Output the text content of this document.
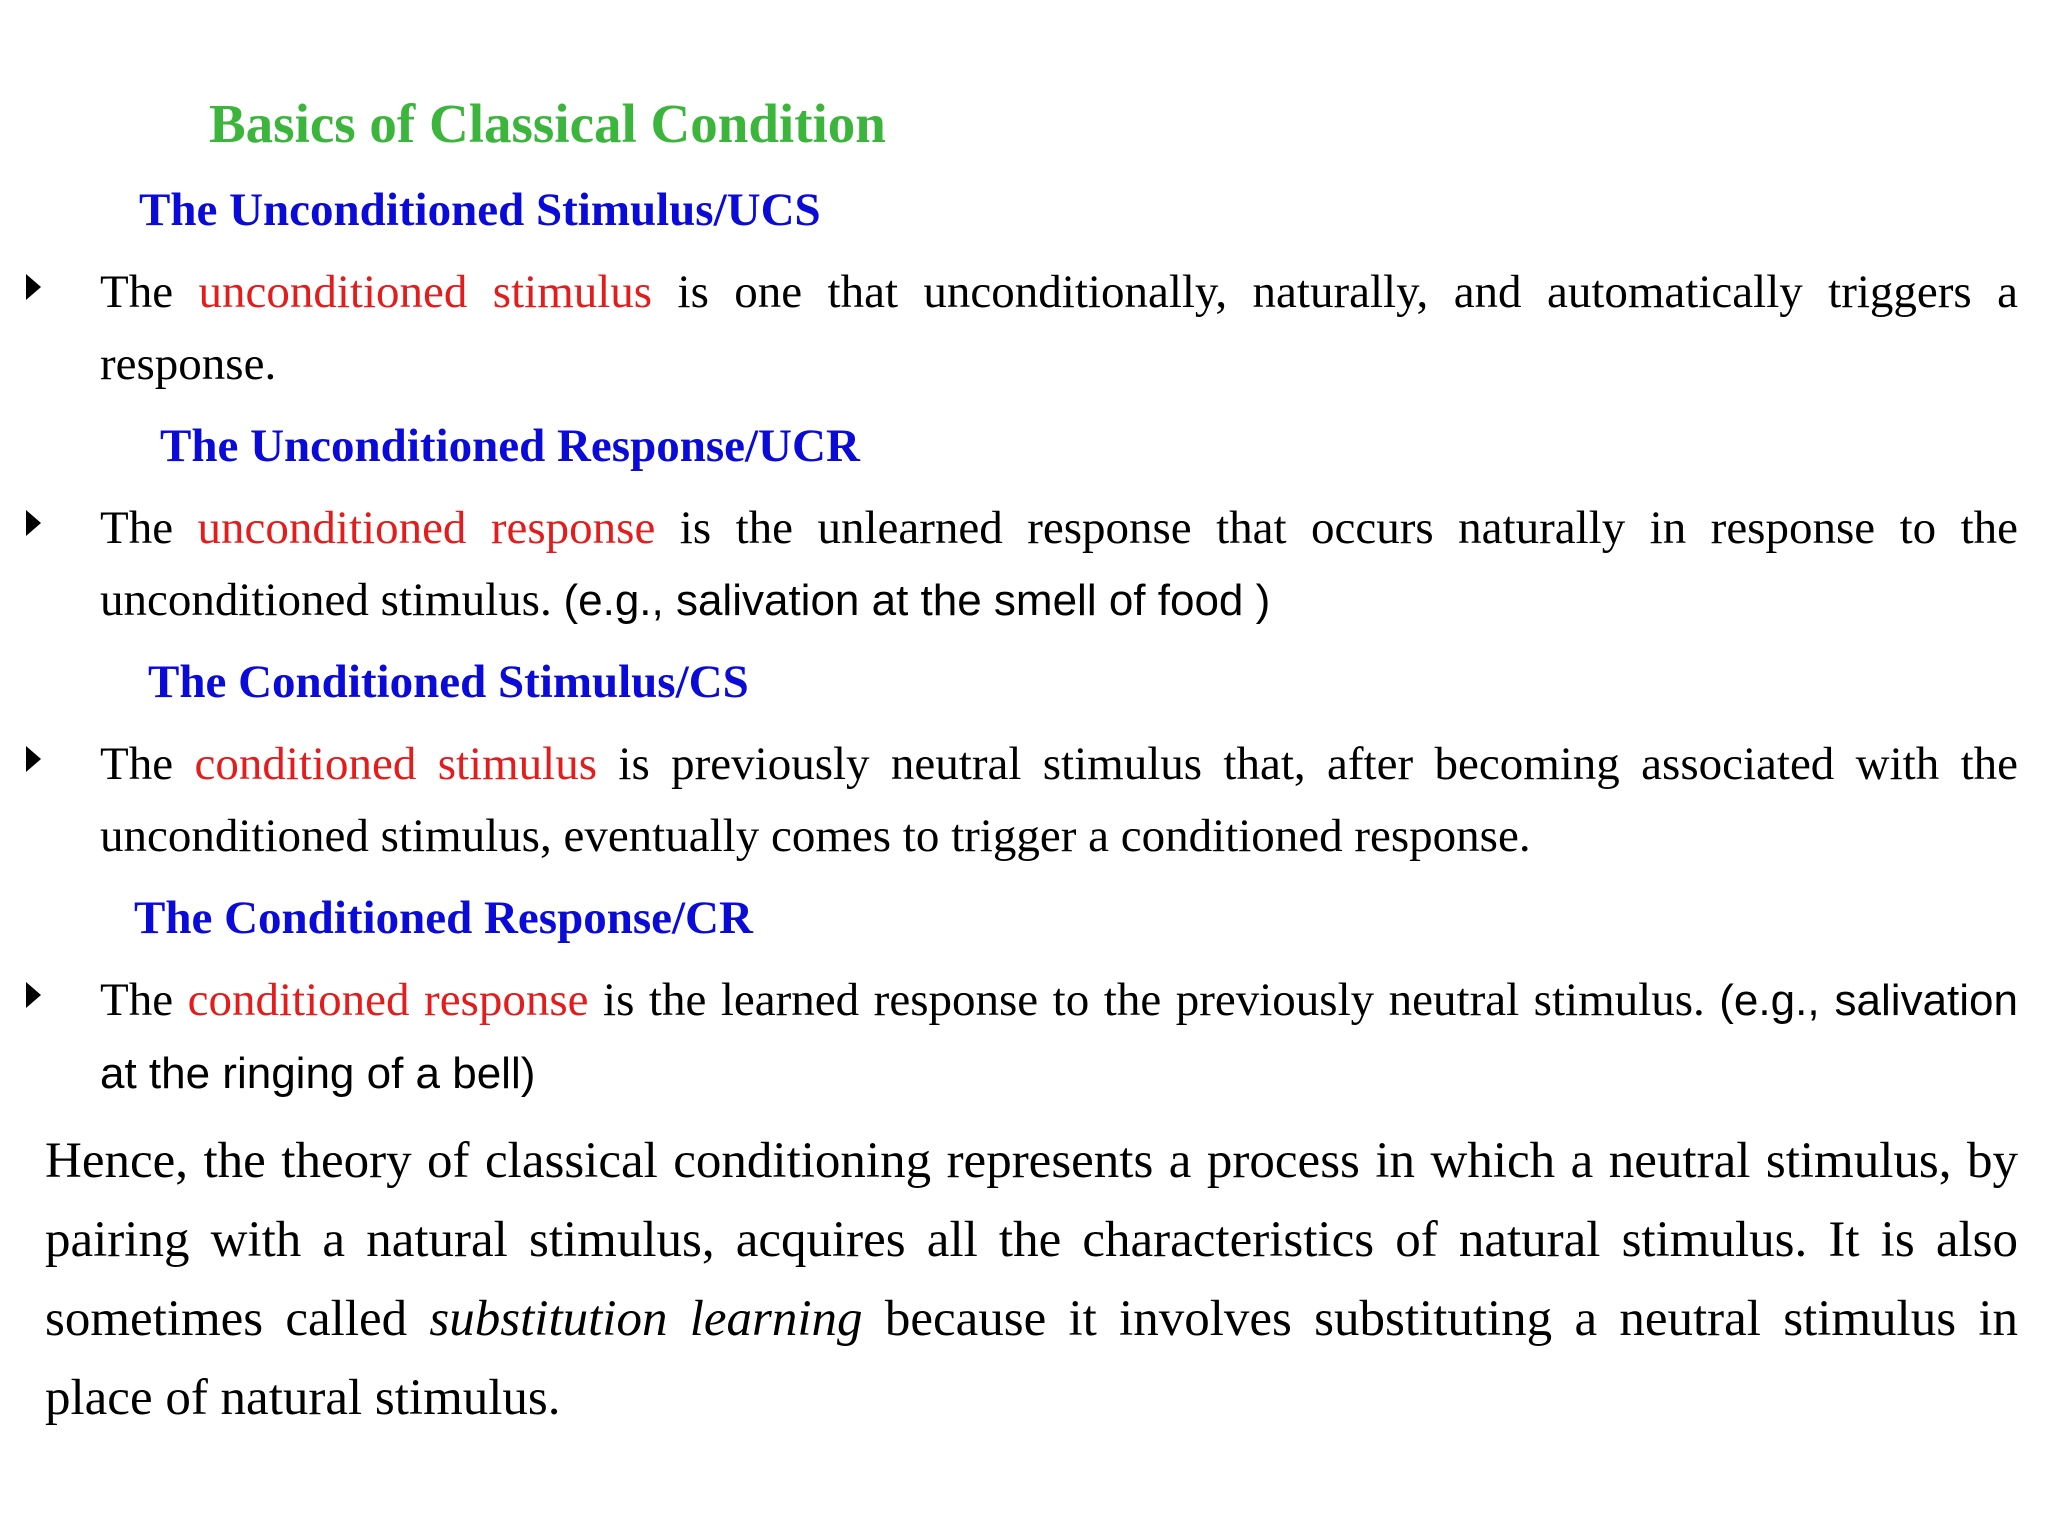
Basics of Classical Condition
The Unconditioned Stimulus/UCS
The unconditioned stimulus is one that unconditionally, naturally, and automatically triggers a response.
The Unconditioned Response/UCR
The unconditioned response is the unlearned response that occurs naturally in response to the unconditioned stimulus. (e.g., salivation at the smell of food )
The Conditioned Stimulus/CS
The conditioned stimulus is previously neutral stimulus that, after becoming associated with the unconditioned stimulus, eventually comes to trigger a conditioned response.
The Conditioned Response/CR
The conditioned response is the learned response to the previously neutral stimulus. (e.g., salivation at the ringing of a bell)
Hence, the theory of classical conditioning represents a process in which a neutral stimulus, by pairing with a natural stimulus, acquires all the characteristics of natural stimulus. It is also sometimes called substitution learning because it involves substituting a neutral stimulus in place of natural stimulus.
